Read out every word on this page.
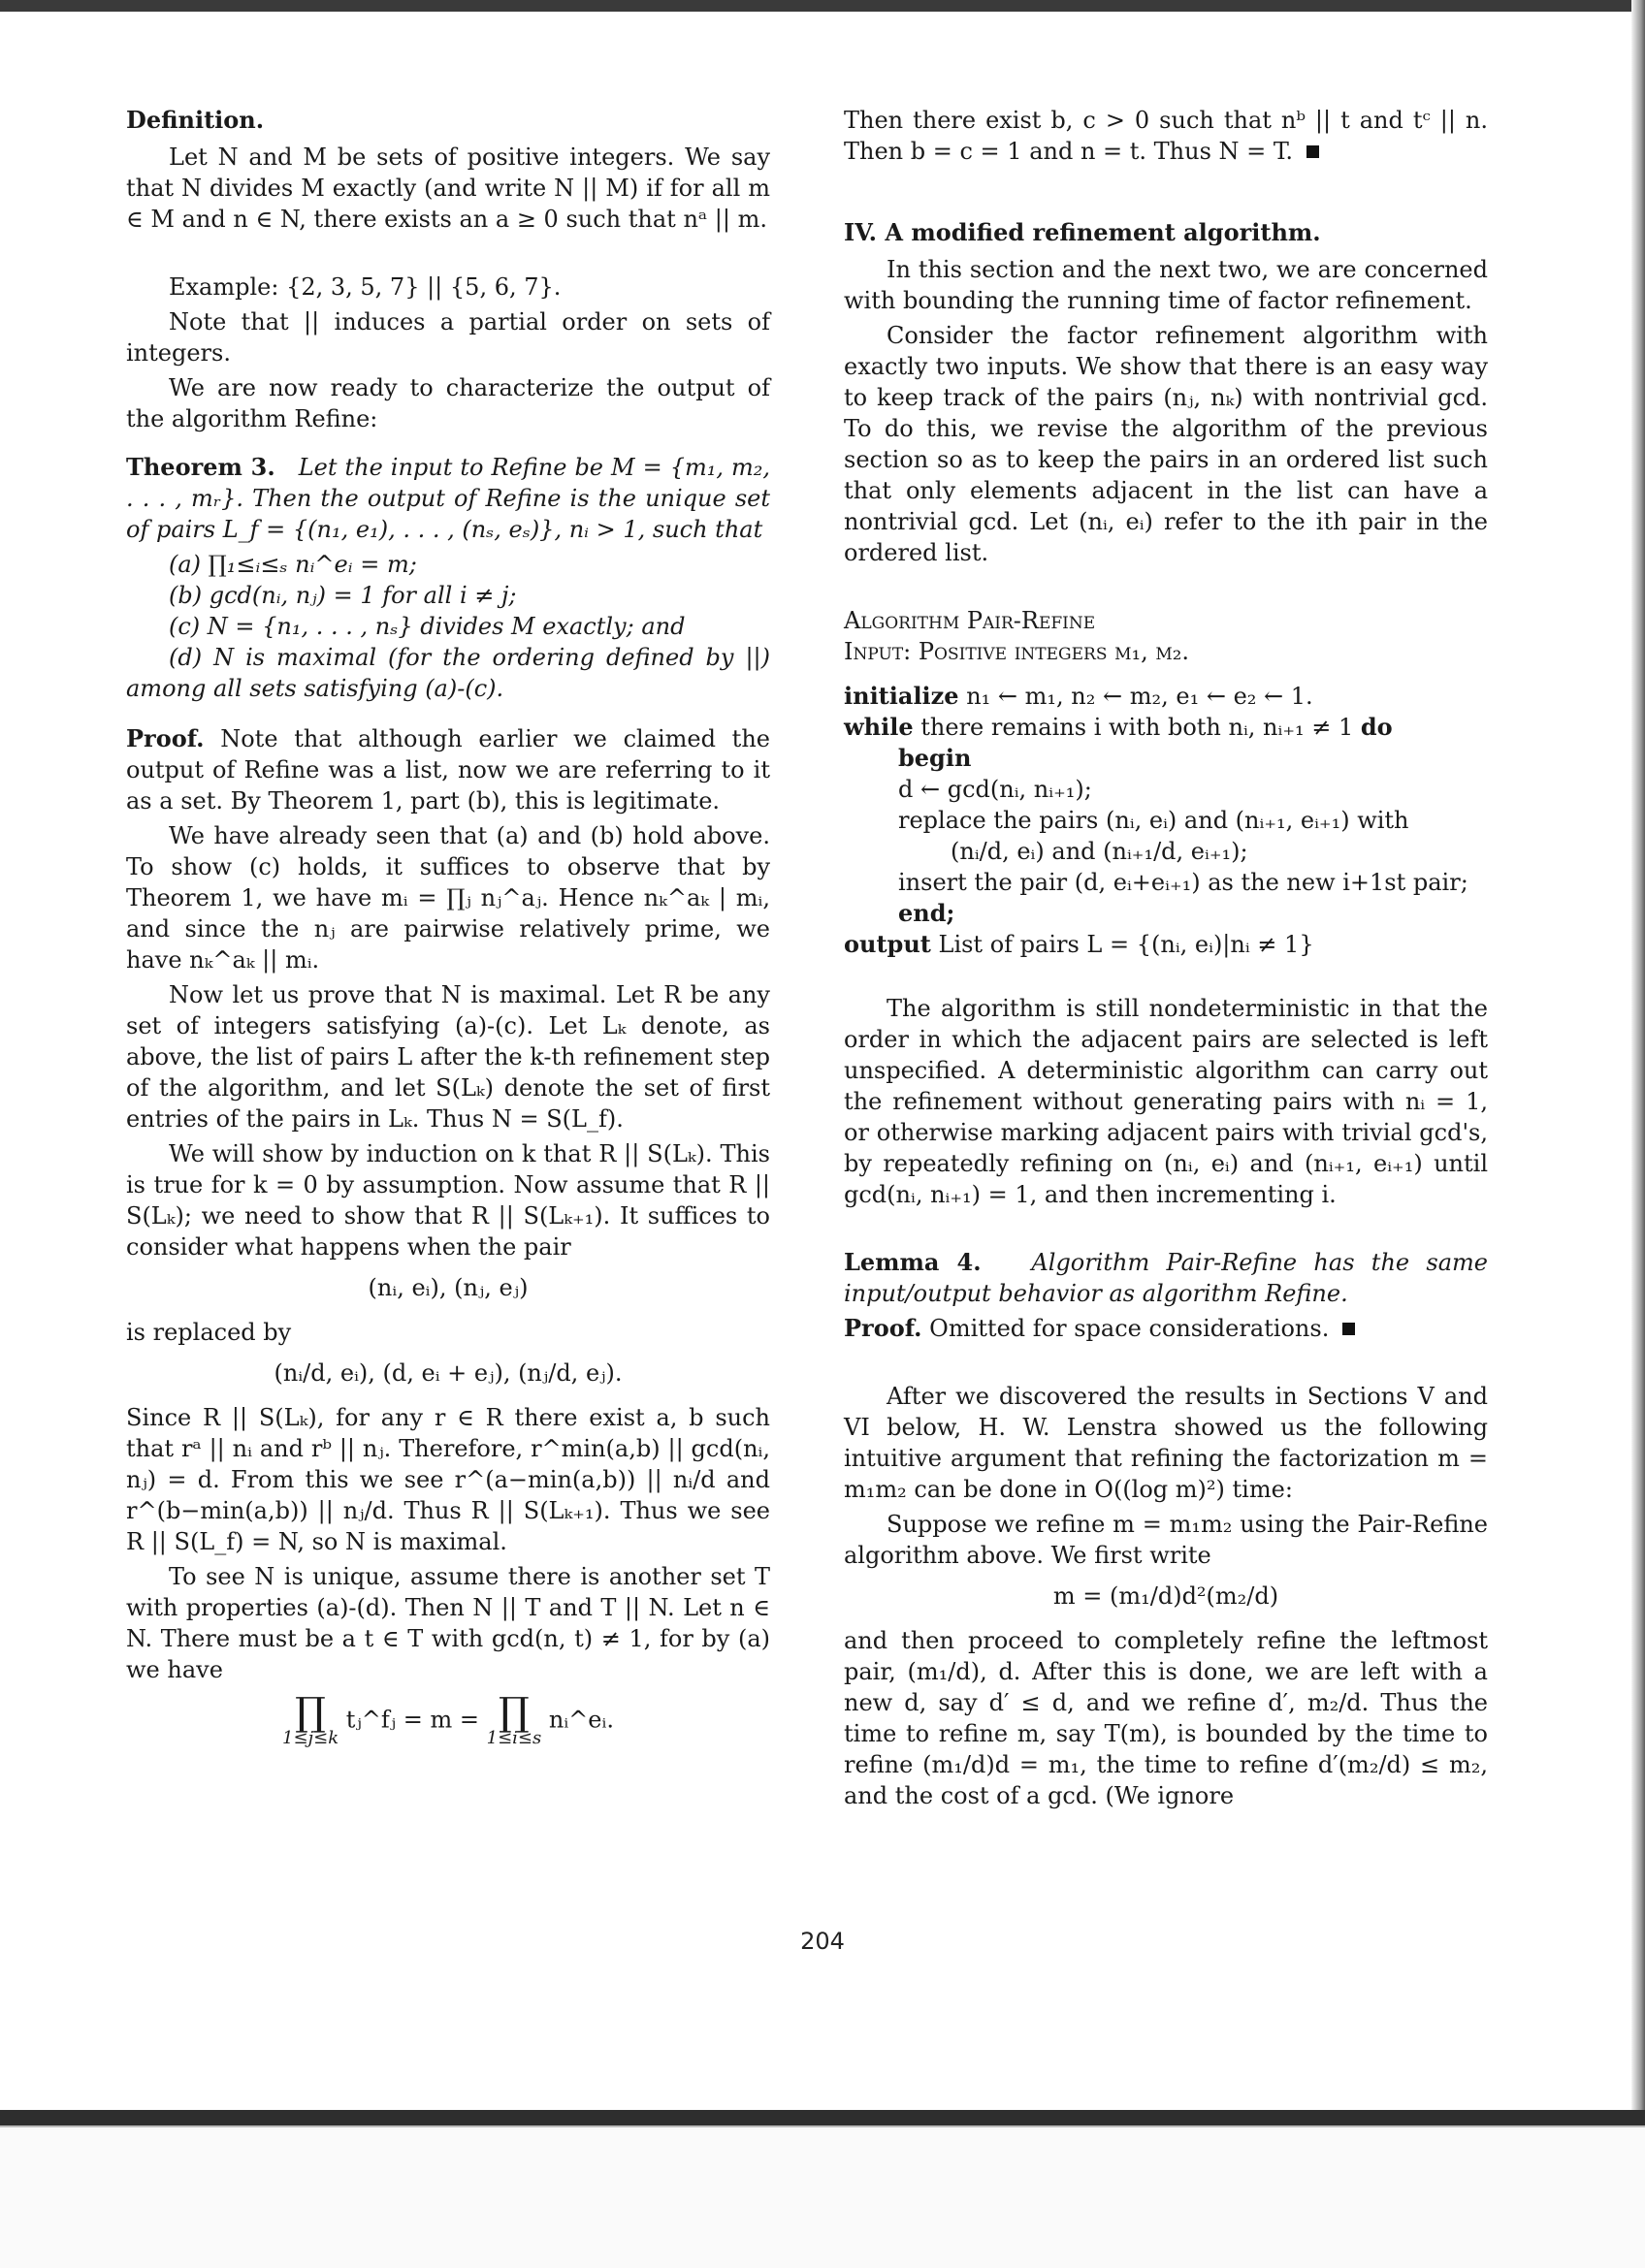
Definition.

Let N and M be sets of positive integers. We say that N divides M exactly (and write N || M) if for all m ∈ M and n ∈ N, there exists an a ≥ 0 such that nᵃ || m.

Example: {2, 3, 5, 7} || {5, 6, 7}.

Note that || induces a partial order on sets of integers.

We are now ready to characterize the output of the algorithm Refine:

Theorem 3. Let the input to Refine be M = {m₁, m₂, . . . , mᵣ}. Then the output of Refine is the unique set of pairs L_f = {(n₁, e₁), . . . , (nₛ, eₛ)}, nᵢ > 1, such that

(a) ∏₁≤ᵢ≤ₛ nᵢ^eᵢ = m;

(b) gcd(nᵢ, nⱼ) = 1 for all i ≠ j;

(c) N = {n₁, . . . , nₛ} divides M exactly; and

(d) N is maximal (for the ordering defined by ||) among all sets satisfying (a)-(c).

Proof. Note that although earlier we claimed the output of Refine was a list, now we are referring to it as a set. By Theorem 1, part (b), this is legitimate.

We have already seen that (a) and (b) hold above. To show (c) holds, it suffices to observe that by Theorem 1, we have mᵢ = ∏ⱼ nⱼ^aⱼ. Hence nₖ^aₖ | mᵢ, and since the nⱼ are pairwise relatively prime, we have nₖ^aₖ || mᵢ.

Now let us prove that N is maximal. Let R be any set of integers satisfying (a)-(c). Let Lₖ denote, as above, the list of pairs L after the k-th refinement step of the algorithm, and let S(Lₖ) denote the set of first entries of the pairs in Lₖ. Thus N = S(L_f).

We will show by induction on k that R || S(Lₖ). This is true for k = 0 by assumption. Now assume that R || S(Lₖ); we need to show that R || S(Lₖ₊₁). It suffices to consider what happens when the pair

(nᵢ, eᵢ), (nⱼ, eⱼ)

is replaced by

(nᵢ/d, eᵢ), (d, eᵢ + eⱼ), (nⱼ/d, eⱼ).

Since R || S(Lₖ), for any r ∈ R there exist a, b such that rᵃ || nᵢ and rᵇ || nⱼ. Therefore, r^min(a,b) || gcd(nᵢ, nⱼ) = d. From this we see r^(a−min(a,b)) || nᵢ/d and r^(b−min(a,b)) || nⱼ/d. Thus R || S(Lₖ₊₁). Thus we see R || S(L_f) = N, so N is maximal.

To see N is unique, assume there is another set T with properties (a)-(d). Then N || T and T || N. Let n ∈ N. There must be a t ∈ T with gcd(n, t) ≠ 1, for by (a) we have

∏
1≤j≤k
tⱼ^fⱼ = m = ∏
1≤i≤s
nᵢ^eᵢ.

Then there exist b, c > 0 such that nᵇ || t and tᶜ || n. Then b = c = 1 and n = t. Thus N = T.

IV. A modified refinement algorithm.

In this section and the next two, we are concerned with bounding the running time of factor refinement.

Consider the factor refinement algorithm with exactly two inputs. We show that there is an easy way to keep track of the pairs (nⱼ, nₖ) with nontrivial gcd. To do this, we revise the algorithm of the previous section so as to keep the pairs in an ordered list such that only elements adjacent in the list can have a nontrivial gcd. Let (nᵢ, eᵢ) refer to the ith pair in the ordered list.

Algorithm Pair-Refine

Input: Positive integers m₁, m₂.

initialize n₁ ← m₁, n₂ ← m₂, e₁ ← e₂ ← 1.

while there remains i with both nᵢ, nᵢ₊₁ ≠ 1 do

begin

d ← gcd(nᵢ, nᵢ₊₁);

replace the pairs (nᵢ, eᵢ) and (nᵢ₊₁, eᵢ₊₁) with

(nᵢ/d, eᵢ) and (nᵢ₊₁/d, eᵢ₊₁);

insert the pair (d, eᵢ+eᵢ₊₁) as the new i+1st pair;

end;

output List of pairs L = {(nᵢ, eᵢ)|nᵢ ≠ 1}

The algorithm is still nondeterministic in that the order in which the adjacent pairs are selected is left unspecified. A deterministic algorithm can carry out the refinement without generating pairs with nᵢ = 1, or otherwise marking adjacent pairs with trivial gcd's, by repeatedly refining on (nᵢ, eᵢ) and (nᵢ₊₁, eᵢ₊₁) until gcd(nᵢ, nᵢ₊₁) = 1, and then incrementing i.

Lemma 4. Algorithm Pair-Refine has the same input/output behavior as algorithm Refine.

Proof. Omitted for space considerations.

After we discovered the results in Sections V and VI below, H. W. Lenstra showed us the following intuitive argument that refining the factorization m = m₁m₂ can be done in O((log m)²) time:

Suppose we refine m = m₁m₂ using the Pair-Refine algorithm above. We first write

m = (m₁/d)d²(m₂/d)

and then proceed to completely refine the leftmost pair, (m₁/d), d. After this is done, we are left with a new d, say d′ ≤ d, and we refine d′, m₂/d. Thus the time to refine m, say T(m), is bounded by the time to refine (m₁/d)d = m₁, the time to refine d′(m₂/d) ≤ m₂, and the cost of a gcd. (We ignore

204
